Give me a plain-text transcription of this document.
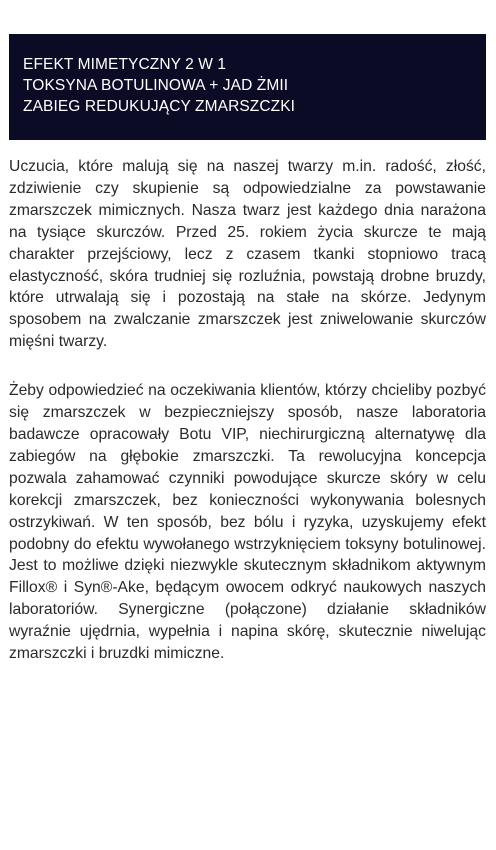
EFEKT MIMETYCZNY 2 W 1
TOKSYNA BOTULINOWA + JAD ŻMII
ZABIEG REDUKUJĄCY ZMARSZCZKI

Uczucia, które malują się na naszej twarzy m.in. radość, złość, zdziwienie czy skupienie są odpowiedzialne za powstawanie zmarszczek mimicznych. Nasza twarz jest każdego dnia narażona na tysiące skurczów. Przed 25. rokiem życia skurcze te mają charakter przejściowy, lecz z czasem tkanki stopniowo tracą elastyczność, skóra trudniej się rozluźnia, powstają drobne bruzdy, które utrwalają się i pozostają na stałe na skórze. Jedynym sposobem na zwalczanie zmarszczek jest zniwelowanie skurczów mięśni twarzy.

Żeby odpowiedzieć na oczekiwania klientów, którzy chcieliby pozbyć się zmarszczek w bezpieczniejszy sposób, nasze laboratoria badawcze opracowały Botu VIP, niechirurgiczną alternatywę dla zabiegów na głębokie zmarszczki. Ta rewolucyjna koncepcja pozwala zahamować czynniki powodujące skurcze skóry w celu korekcji zmarszczek, bez konieczności wykonywania bolesnych ostrzykiwań. W ten sposób, bez bólu i ryzyka, uzyskujemy efekt podobny do efektu wywołanego wstrzyknięciem toksyny botulinowej. Jest to możliwe dzięki niezwykle skutecznym składnikom aktywnym Fillox® i Syn®-Ake, będącym owocem odkryć naukowych naszych laboratoriów. Synergiczne (połączone) działanie składników wyraźnie ujędrnia, wypełnia i napina skórę, skutecznie niwelując zmarszczki i bruzdki mimiczne.
